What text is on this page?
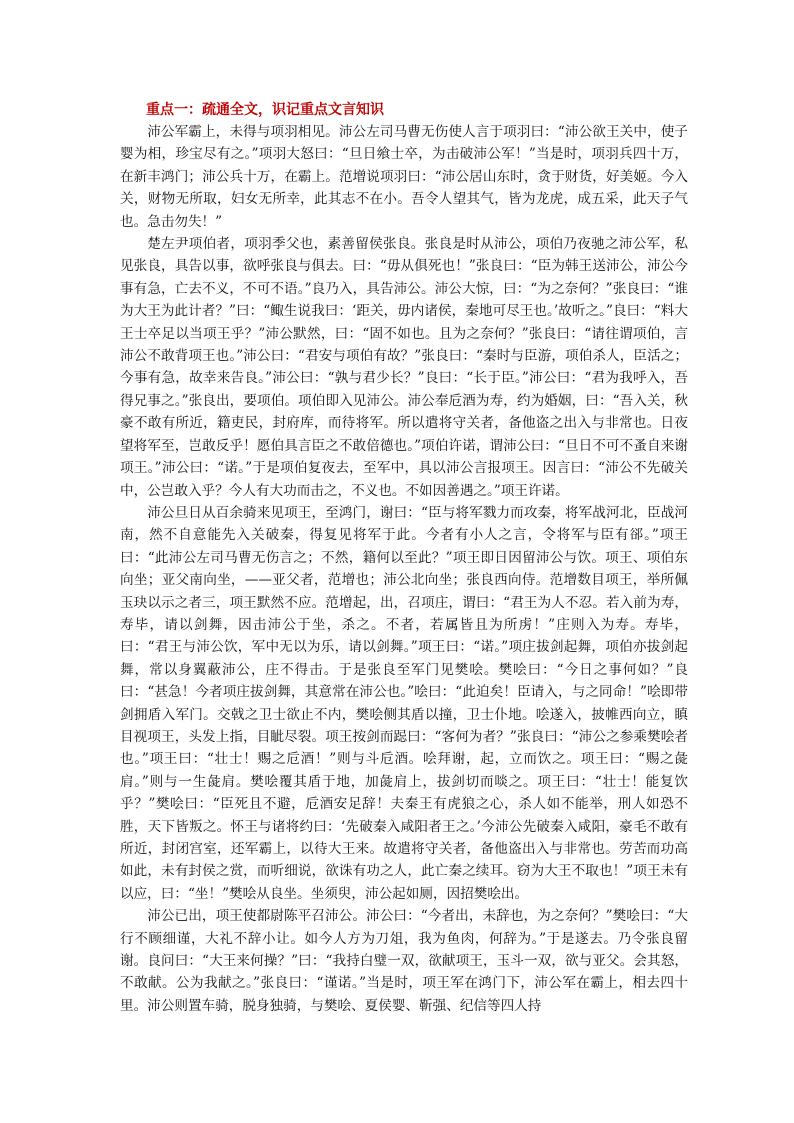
重点一：疏通全文，识记重点文言知识

沛公军霸上，未得与项羽相见。沛公左司马曹无伤使人言于项羽曰：“沛公欲王关中，使子婴为相，珍宝尽有之。”项羽大怒曰：“旦日飨士卒，为击破沛公军！”当是时，项羽兵四十万，在新丰鸿门；沛公兵十万，在霸上。范增说项羽曰：“沛公居山东时，贪于财货，好美姬。今入关，财物无所取，妇女无所幸，此其志不在小。吾令人望其气，皆为龙虎，成五采，此天子气也。急击勿失！”

楚左尹项伯者，项羽季父也，素善留侯张良。张良是时从沛公，项伯乃夜驰之沛公军，私见张良，具告以事，欲呼张良与俱去。曰：“毋从俱死也！”张良曰：“臣为韩王送沛公，沛公今事有急，亡去不义，不可不语。”良乃入，具告沛公。沛公大惊，曰：“为之奈何？”张良曰：“谁为大王为此计者？”曰：“鲰生说我曰：‘距关，毋内诸侯，秦地可尽王也。’故听之。”良曰：“料大王士卒足以当项王乎？”沛公默然，曰：“固不如也。且为之奈何？”张良曰：“请往谓项伯，言沛公不敢背项王也。”沛公曰：“君安与项伯有故？”张良曰：“秦时与臣游，项伯杀人，臣活之；今事有急，故幸来告良。”沛公曰：“孰与君少长？”良曰：“长于臣。”沛公曰：“君为我呼入，吾得兄事之。”张良出，要项伯。项伯即入见沛公。沛公奉卮酒为寿，约为婚姻，曰：“吾入关，秋豪不敢有所近，籍吏民，封府库，而待将军。所以遣将守关者，备他盗之出入与非常也。日夜望将军至，岂敢反乎！愿伯具言臣之不敢倍德也。”项伯许诺，谓沛公曰：“旦日不可不蚤自来谢项王。”沛公曰：“诺。”于是项伯复夜去，至军中，具以沛公言报项王。因言曰：“沛公不先破关中，公岂敢入乎？今人有大功而击之，不义也。不如因善遇之。”项王许诺。

沛公旦日从百余骑来见项王，至鸿门，谢曰：“臣与将军戮力而攻秦，将军战河北，臣战河南，然不自意能先入关破秦，得复见将军于此。今者有小人之言，令将军与臣有郤。”项王曰：“此沛公左司马曹无伤言之；不然，籍何以至此？”项王即日因留沛公与饮。项王、项伯东向坐；亚父南向坐，——亚父者，范增也；沛公北向坐；张良西向侍。范增数目项王，举所佩玉玦以示之者三，项王默然不应。范增起，出，召项庄，谓曰：“君王为人不忍。若入前为寿，寿毕，请以剑舞，因击沛公于坐，杀之。不者，若属皆且为所虏！”庄则入为寿。寿毕，曰：“君王与沛公饮，军中无以为乐，请以剑舞。”项王曰：“诺。”项庄拔剑起舞，项伯亦拔剑起舞，常以身翼蔽沛公，庄不得击。于是张良至军门见樊哙。樊哙曰：“今日之事何如？”良曰：“甚急！今者项庄拔剑舞，其意常在沛公也。”哙曰：“此迫矣！臣请入，与之同命！”哙即带剑拥盾入军门。交戟之卫士欲止不内，樊哙侧其盾以撞，卫士仆地。哙遂入，披帷西向立，瞋目视项王，头发上指，目眦尽裂。项王按剑而跽曰：“客何为者？”张良曰：“沛公之参乘樊哙者也。”项王曰：“壮士！赐之卮酒！”则与斗卮酒。哙拜谢，起，立而饮之。项王曰：“赐之彘肩。”则与一生彘肩。樊哙覆其盾于地，加彘肩上，拔剑切而啖之。项王曰：“壮士！能复饮乎？”樊哙曰：“臣死且不避，卮酒安足辞！夫秦王有虎狼之心，杀人如不能举，刑人如恐不胜，天下皆叛之。怀王与诸将约曰：‘先破秦入咸阳者王之。’今沛公先破秦入咸阳，豪毛不敢有所近，封闭宫室，还军霸上，以待大王来。故遣将守关者，备他盗出入与非常也。劳苦而功高如此，未有封侯之赏，而听细说，欲诛有功之人，此亡秦之续耳。窃为大王不取也！”项王未有以应，曰：“坐！”樊哙从良坐。坐须臾，沛公起如厕，因招樊哙出。

沛公已出，项王使都尉陈平召沛公。沛公曰：“今者出，未辞也，为之奈何？”樊哙曰：“大行不顾细谨，大礼不辞小让。如今人方为刀俎，我为鱼肉，何辞为。”于是遂去。乃令张良留谢。良问曰：“大王来何操？”曰：“我持白璧一双，欲献项王，玉斗一双，欲与亚父。会其怒，不敢献。公为我献之。”张良曰：“谨诺。”当是时，项王军在鸿门下，沛公军在霸上，相去四十里。沛公则置车骑，脱身独骑，与樊哙、夏侯婴、靳强、纪信等四人持
